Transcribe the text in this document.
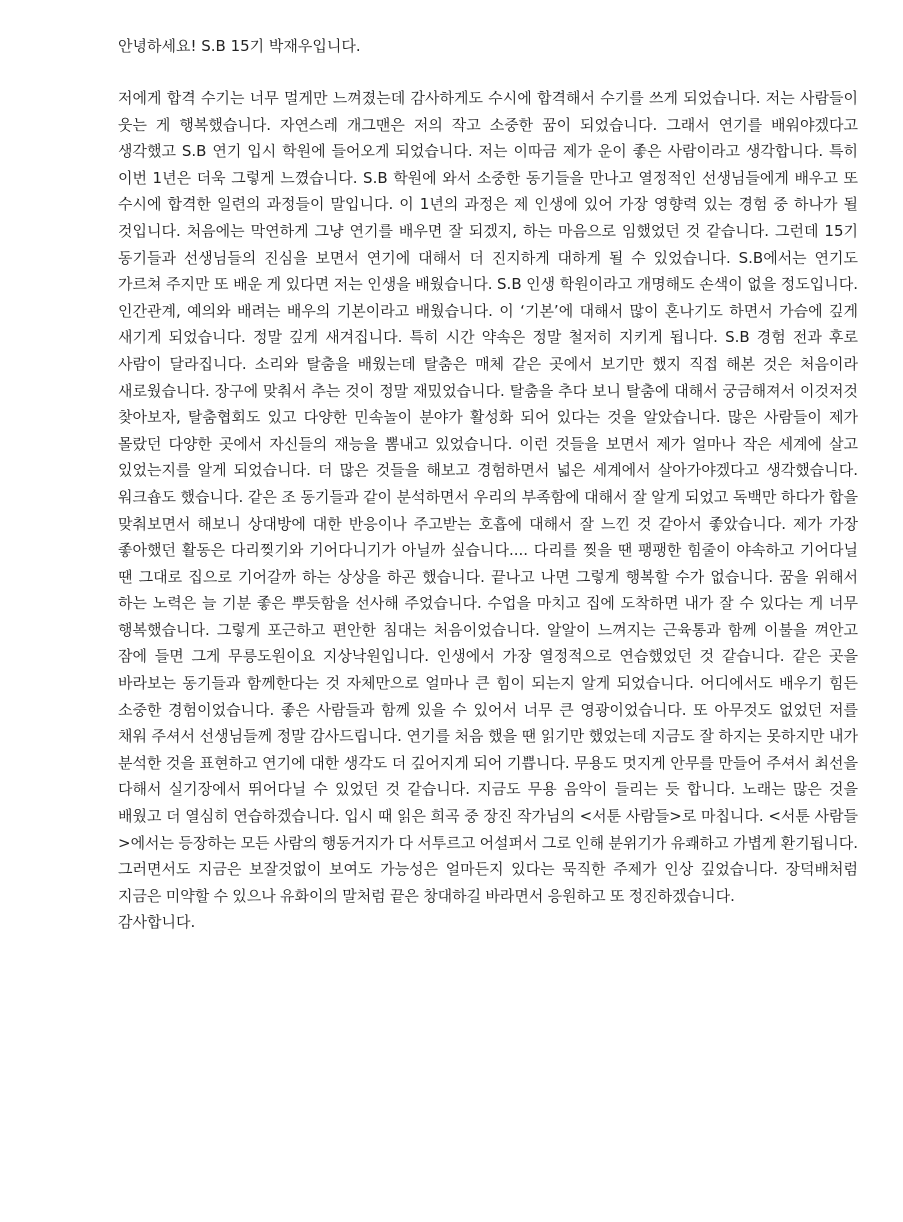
안녕하세요! S.B 15기 박재우입니다.

저에게 합격 수기는 너무 멀게만 느껴졌는데 감사하게도 수시에 합격해서 수기를 쓰게 되었습니다. 저는 사람들이 웃는 게 행복했습니다. 자연스레 개그맨은 저의 작고 소중한 꿈이 되었습니다. 그래서 연기를 배워야겠다고 생각했고 S.B 연기 입시 학원에 들어오게 되었습니다. 저는 이따금 제가 운이 좋은 사람이라고 생각합니다. 특히 이번 1년은 더욱 그렇게 느꼈습니다. S.B 학원에 와서 소중한 동기들을 만나고 열정적인 선생님들에게 배우고 또 수시에 합격한 일련의 과정들이 말입니다. 이 1년의 과정은 제 인생에 있어 가장 영향력 있는 경험 중 하나가 될 것입니다. 처음에는 막연하게 그냥 연기를 배우면 잘 되겠지, 하는 마음으로 임했었던 것 같습니다. 그런데 15기 동기들과 선생님들의 진심을 보면서 연기에 대해서 더 진지하게 대하게 될 수 있었습니다. S.B에서는 연기도 가르쳐 주지만 또 배운 게 있다면 저는 인생을 배웠습니다. S.B 인생 학원이라고 개명해도 손색이 없을 정도입니다. 인간관계, 예의와 배려는 배우의 기본이라고 배웠습니다. 이 ‘기본’에 대해서 많이 혼나기도 하면서 가슴에 깊게 새기게 되었습니다. 정말 깊게 새겨집니다. 특히 시간 약속은 정말 철저히 지키게 됩니다. S.B 경험 전과 후로 사람이 달라집니다. 소리와 탈춤을 배웠는데 탈춤은 매체 같은 곳에서 보기만 했지 직접 해본 것은 처음이라 새로웠습니다. 장구에 맞춰서 추는 것이 정말 재밌었습니다. 탈춤을 추다 보니 탈춤에 대해서 궁금해져서 이것저것 찾아보자, 탈춤협회도 있고 다양한 민속놀이 분야가 활성화 되어 있다는 것을 알았습니다. 많은 사람들이 제가 몰랐던 다양한 곳에서 자신들의 재능을 뽐내고 있었습니다. 이런 것들을 보면서 제가 얼마나 작은 세계에 살고 있었는지를 알게 되었습니다. 더 많은 것들을 해보고 경험하면서 넓은 세계에서 살아가야겠다고 생각했습니다. 워크숍도 했습니다. 같은 조 동기들과 같이 분석하면서 우리의 부족함에 대해서 잘 알게 되었고 독백만 하다가 합을 맞춰보면서 해보니 상대방에 대한 반응이나 주고받는 호흡에 대해서 잘 느낀 것 같아서 좋았습니다. 제가 가장 좋아했던 활동은 다리찢기와 기어다니기가 아닐까 싶습니다.... 다리를 찢을 땐 팽팽한 힘줄이 야속하고 기어다닐 땐 그대로 집으로 기어갈까 하는 상상을 하곤 했습니다. 끝나고 나면 그렇게 행복할 수가 없습니다. 꿈을 위해서 하는 노력은 늘 기분 좋은 뿌듯함을 선사해 주었습니다. 수업을 마치고 집에 도착하면 내가 잘 수 있다는 게 너무 행복했습니다. 그렇게 포근하고 편안한 침대는 처음이었습니다. 알알이 느껴지는 근육통과 함께 이불을 껴안고 잠에 들면 그게 무릉도원이요 지상낙원입니다. 인생에서 가장 열정적으로 연습했었던 것 같습니다. 같은 곳을 바라보는 동기들과 함께한다는 것 자체만으로 얼마나 큰 힘이 되는지 알게 되었습니다. 어디에서도 배우기 힘든 소중한 경험이었습니다. 좋은 사람들과 함께 있을 수 있어서 너무 큰 영광이었습니다. 또 아무것도 없었던 저를 채워 주셔서 선생님들께 정말 감사드립니다. 연기를 처음 했을 땐 읽기만 했었는데 지금도 잘 하지는 못하지만 내가 분석한 것을 표현하고 연기에 대한 생각도 더 깊어지게 되어 기쁩니다. 무용도 멋지게 안무를 만들어 주셔서 최선을 다해서 실기장에서 뛰어다닐 수 있었던 것 같습니다. 지금도 무용 음악이 들리는 듯 합니다. 노래는 많은 것을 배웠고 더 열심히 연습하겠습니다. 입시 때 읽은 희곡 중 장진 작가님의 <서툰 사람들>로 마칩니다. <서툰 사람들>에서는 등장하는 모든 사람의 행동거지가 다 서투르고 어설퍼서 그로 인해 분위기가 유쾌하고 가볍게 환기됩니다. 그러면서도 지금은 보잘것없이 보여도 가능성은 얼마든지 있다는 묵직한 주제가 인상 깊었습니다. 장덕배처럼 지금은 미약할 수 있으나 유화이의 말처럼 끝은 창대하길 바라면서 응원하고 또 정진하겠습니다.

감사합니다.
